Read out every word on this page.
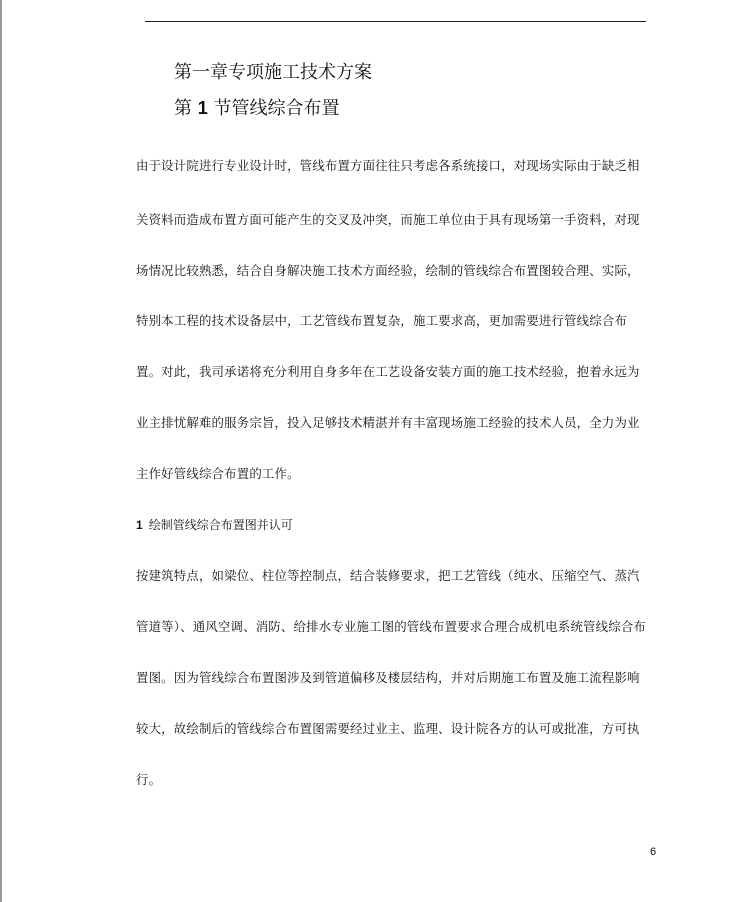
第一章专项施工技术方案
第 1 节管线综合布置
由于设计院进行专业设计时，管线布置方面往往只考虑各系统接口，对现场实际由于缺乏相
关资料而造成布置方面可能产生的交叉及冲突，而施工单位由于具有现场第一手资料，对现
场情况比较熟悉，结合自身解决施工技术方面经验，绘制的管线综合布置图较合理、实际，
特别本工程的技术设备层中，工艺管线布置复杂，施工要求高，更加需要进行管线综合布
置。对此，我司承诺将充分利用自身多年在工艺设备安装方面的施工技术经验，抱着永远为
业主排忧解难的服务宗旨，投入足够技术精湛并有丰富现场施工经验的技术人员，全力为业
主作好管线综合布置的工作。
1 绘制管线综合布置图并认可
按建筑特点，如梁位、柱位等控制点，结合装修要求，把工艺管线（纯水、压缩空气、蒸汽
管道等）、通风空调、消防、给排水专业施工图的管线布置要求合理合成机电系统管线综合布
置图。因为管线综合布置图涉及到管道偏移及楼层结构，并对后期施工布置及施工流程影响
较大，故绘制后的管线综合布置图需要经过业主、监理、设计院各方的认可或批准，方可执
行。
6
